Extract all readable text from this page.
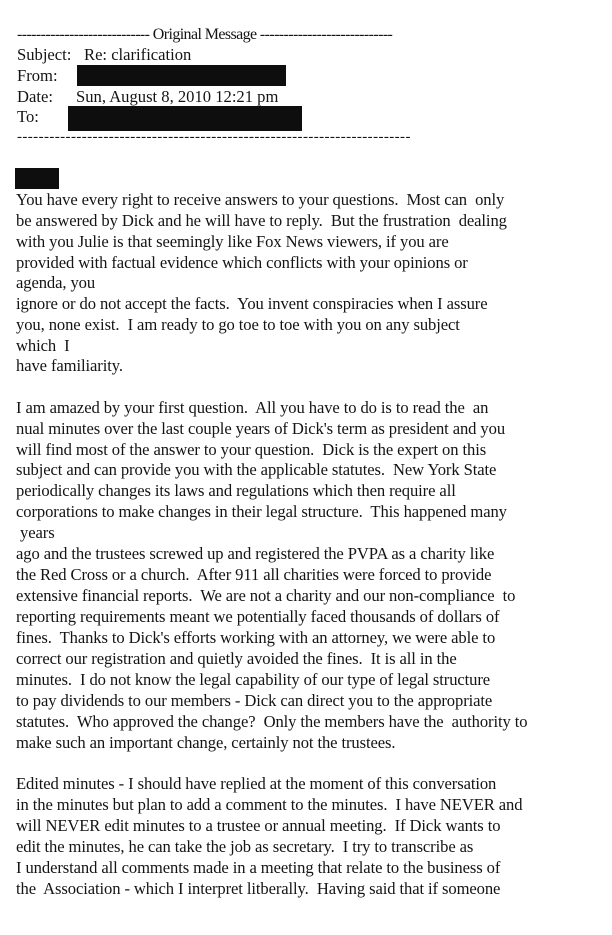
---------------------------- Original Message ----------------------------
Subject: Re: clarification
From:
Date: Sun, August 8, 2010 12:21 pm
To:
-------------------------------------------------------------------------
You have every right to receive answers to your questions.  Most can  only
be answered by Dick and he will have to reply.  But the frustration  dealing
with you Julie is that seemingly like Fox News viewers, if you are
provided with factual evidence which conflicts with your opinions or
agenda, you
ignore or do not accept the facts.  You invent conspiracies when I assure
you, none exist.  I am ready to go toe to toe with you on any subject
which  I
have familiarity.
I am amazed by your first question.  All you have to do is to read the  an
nual minutes over the last couple years of Dick's term as president and you
will find most of the answer to your question.  Dick is the expert on this
subject and can provide you with the applicable statutes.  New York State
periodically changes its laws and regulations which then require all
corporations to make changes in their legal structure.  This happened many
years
ago and the trustees screwed up and registered the PVPA as a charity like
the Red Cross or a church.  After 911 all charities were forced to provide
extensive financial reports.  We are not a charity and our non-compliance  to
reporting requirements meant we potentially faced thousands of dollars of
fines.  Thanks to Dick's efforts working with an attorney, we were able to
correct our registration and quietly avoided the fines.  It is all in the
minutes.  I do not know the legal capability of our type of legal structure
to pay dividends to our members - Dick can direct you to the appropriate
statutes.  Who approved the change?  Only the members have the  authority to
make such an important change, certainly not the trustees.
Edited minutes - I should have replied at the moment of this conversation
in the minutes but plan to add a comment to the minutes.  I have NEVER and
will NEVER edit minutes to a trustee or annual meeting.  If Dick wants to
edit the minutes, he can take the job as secretary.  I try to transcribe as
I understand all comments made in a meeting that relate to the business of
the  Association - which I interpret litberally.  Having said that if someone
